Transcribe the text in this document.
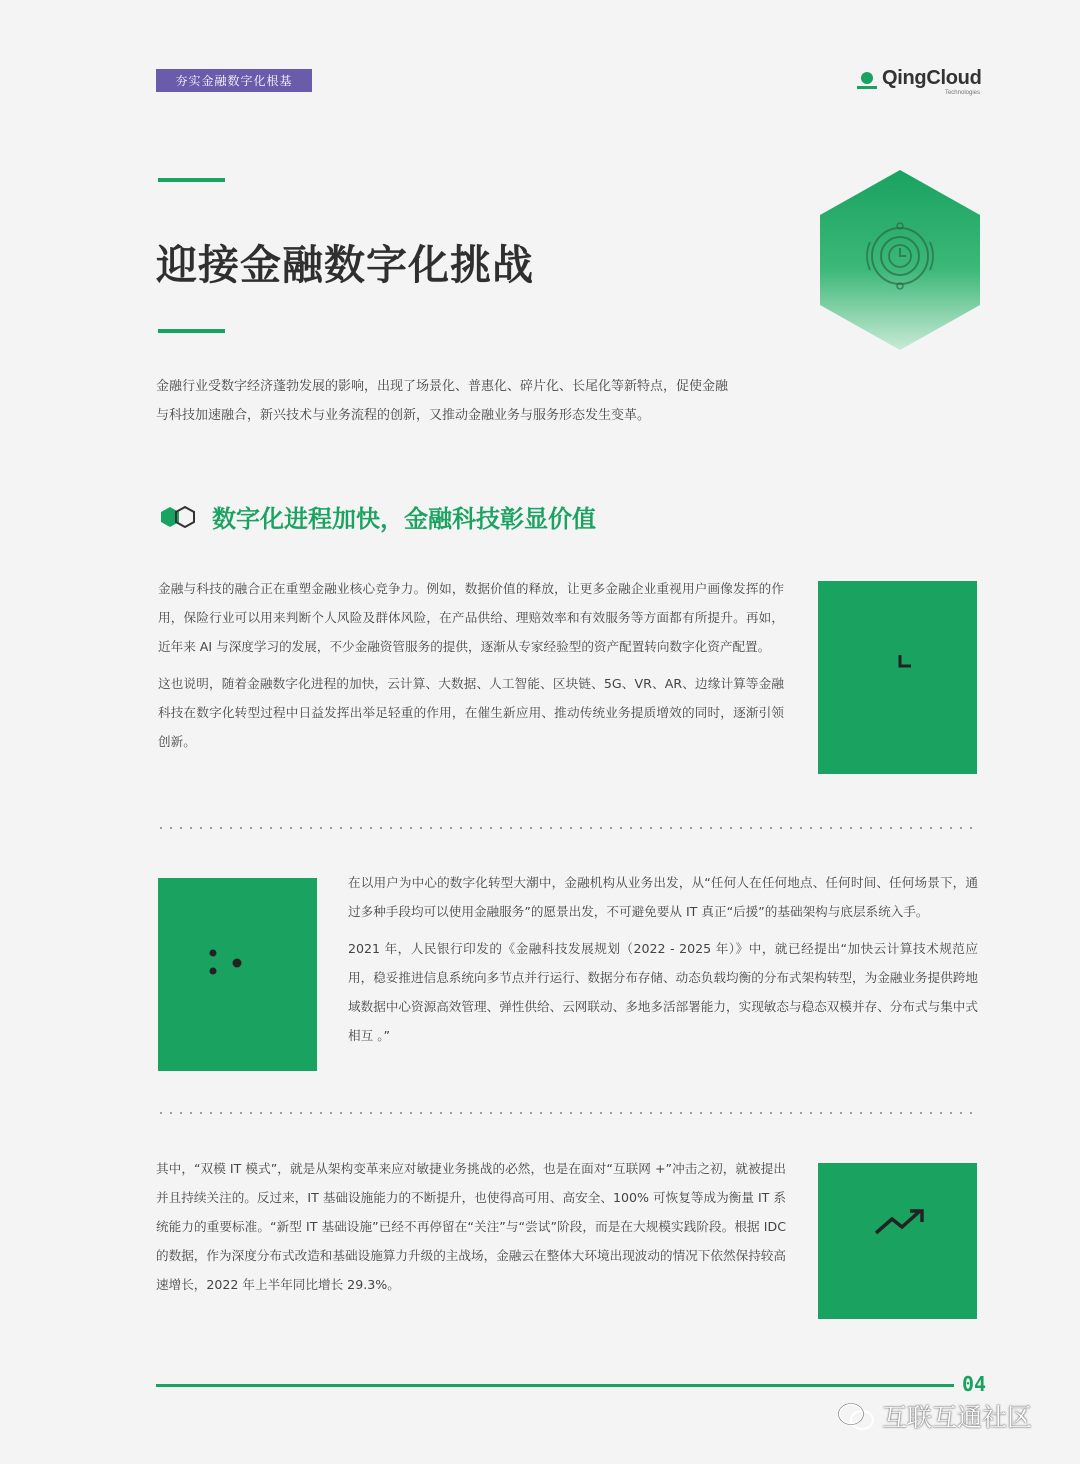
夯实金融数字化根基	QingCloud
Technologies
迎接金融数字化挑战
金融行业受数字经济蓬勃发展的影响，出现了场景化、普惠化、碎片化、长尾化等新特点，促使金融与科技加速融合，新兴技术与业务流程的创新，又推动金融业务与服务形态发生变革。
数字化进程加快，金融科技彰显价值

金融与科技的融合正在重塑金融业核心竞争力。例如，数据价值的释放，让更多金融企业重视用户画像发挥的作用，保险行业可以用来判断个人风险及群体风险，在产品供给、理赔效率和有效服务等方面都有所提升。再如，近年来 AI 与深度学习的发展，不少金融资管服务的提供，逐渐从专家经验型的资产配置转向数字化资产配置。

这也说明，随着金融数字化进程的加快，云计算、大数据、人工智能、区块链、5G、VR、AR、边缘计算等金融科技在数字化转型过程中日益发挥出举足轻重的作用，在催生新应用、推动传统业务提质增效的同时，逐渐引领创新。

在以用户为中心的数字化转型大潮中，金融机构从业务出发，从“任何人在任何地点、任何时间、任何场景下，通过多种手段均可以使用金融服务”的愿景出发，不可避免要从 IT 真正“后援”的基础架构与底层系统入手。

2021 年，人民银行印发的《金融科技发展规划（2022 - 2025 年）》中，就已经提出“加快云计算技术规范应用，稳妥推进信息系统向多节点并行运行、数据分布存储、动态负载均衡的分布式架构转型，为金融业务提供跨地域数据中心资源高效管理、弹性供给、云网联动、多地多活部署能力，实现敏态与稳态双模并存、分布式与集中式相互 。”

其中，“双模 IT 模式”，就是从架构变革来应对敏捷业务挑战的必然，也是在面对“互联网 +”冲击之初，就被提出并且持续关注的。反过来，IT 基础设施能力的不断提升，也使得高可用、高安全、100% 可恢复等成为衡量 IT 系统能力的重要标准。“新型 IT 基础设施”已经不再停留在“关注”与“尝试”阶段，而是在大规模实践阶段。根据 IDC 的数据，作为深度分布式改造和基础设施算力升级的主战场，金融云在整体大环境出现波动的情况下依然保持较高速增长，2022 年上半年同比增长 29.3%。

04
互联互通社区
